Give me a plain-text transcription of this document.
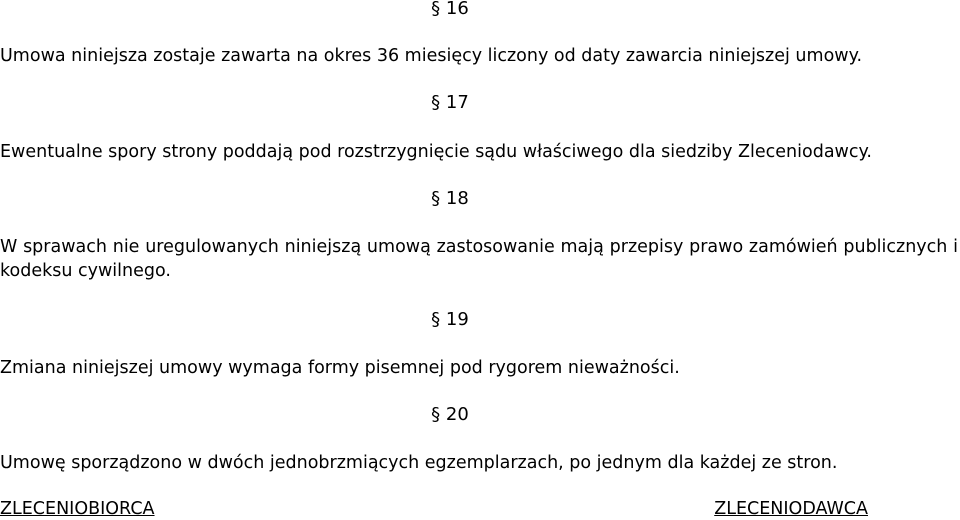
§ 16

Umowa niniejsza zostaje zawarta na okres 36 miesięcy liczony od daty zawarcia niniejszej umowy.

§ 17

Ewentualne spory strony poddają pod rozstrzygnięcie sądu właściwego dla siedziby Zleceniodawcy.

§ 18

W sprawach nie uregulowanych niniejszą umową zastosowanie mają przepisy prawo zamówień publicznych i kodeksu cywilnego.

§ 19

Zmiana niniejszej umowy wymaga formy pisemnej pod rygorem nieważności.

§ 20

Umowę sporządzono w dwóch jednobrzmiących egzemplarzach, po jednym dla każdej ze stron.

ZLECENIOBIORCA	ZLECENIODAWCA
